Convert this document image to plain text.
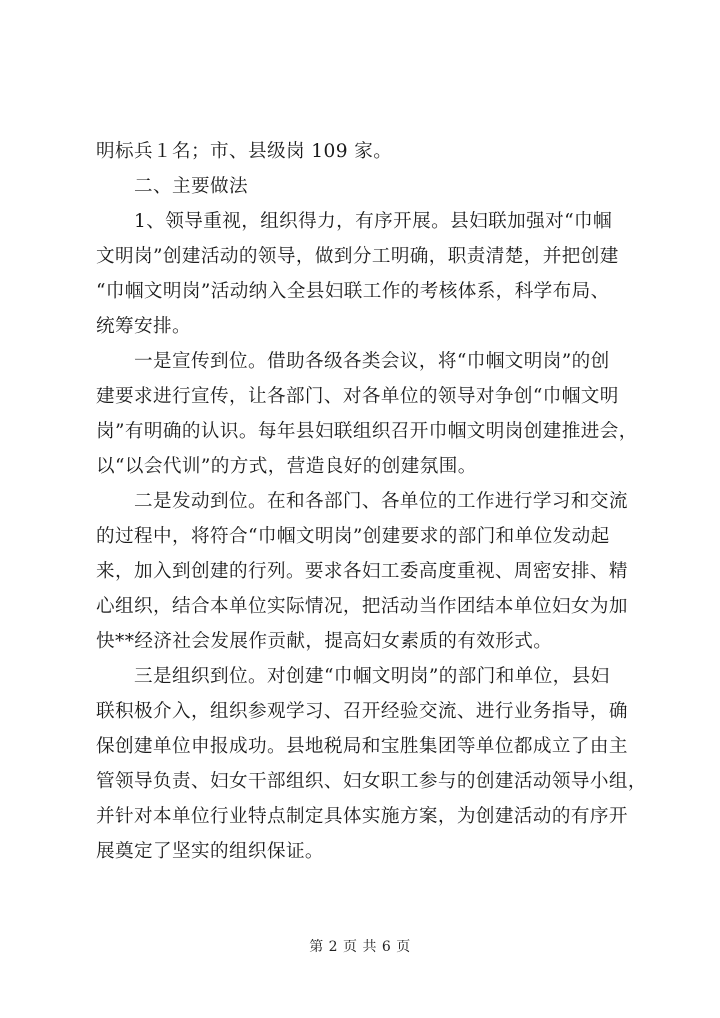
明标兵１名；市、县级岗 109 家。
二、主要做法
1、领导重视，组织得力，有序开展。县妇联加强对“巾帼
文明岗”创建活动的领导，做到分工明确，职责清楚，并把创建
“巾帼文明岗”活动纳入全县妇联工作的考核体系，科学布局、
统筹安排。
一是宣传到位。借助各级各类会议，将“巾帼文明岗”的创
建要求进行宣传，让各部门、对各单位的领导对争创“巾帼文明
岗”有明确的认识。每年县妇联组织召开巾帼文明岗创建推进会，
以“以会代训”的方式，营造良好的创建氛围。
二是发动到位。在和各部门、各单位的工作进行学习和交流
的过程中，将符合“巾帼文明岗”创建要求的部门和单位发动起
来，加入到创建的行列。要求各妇工委高度重视、周密安排、精
心组织，结合本单位实际情况，把活动当作团结本单位妇女为加
快**经济社会发展作贡献，提高妇女素质的有效形式。
三是组织到位。对创建“巾帼文明岗”的部门和单位，县妇
联积极介入，组织参观学习、召开经验交流、进行业务指导，确
保创建单位申报成功。县地税局和宝胜集团等单位都成立了由主
管领导负责、妇女干部组织、妇女职工参与的创建活动领导小组，
并针对本单位行业特点制定具体实施方案，为创建活动的有序开
展奠定了坚实的组织保证。
第 2 页 共 6 页
